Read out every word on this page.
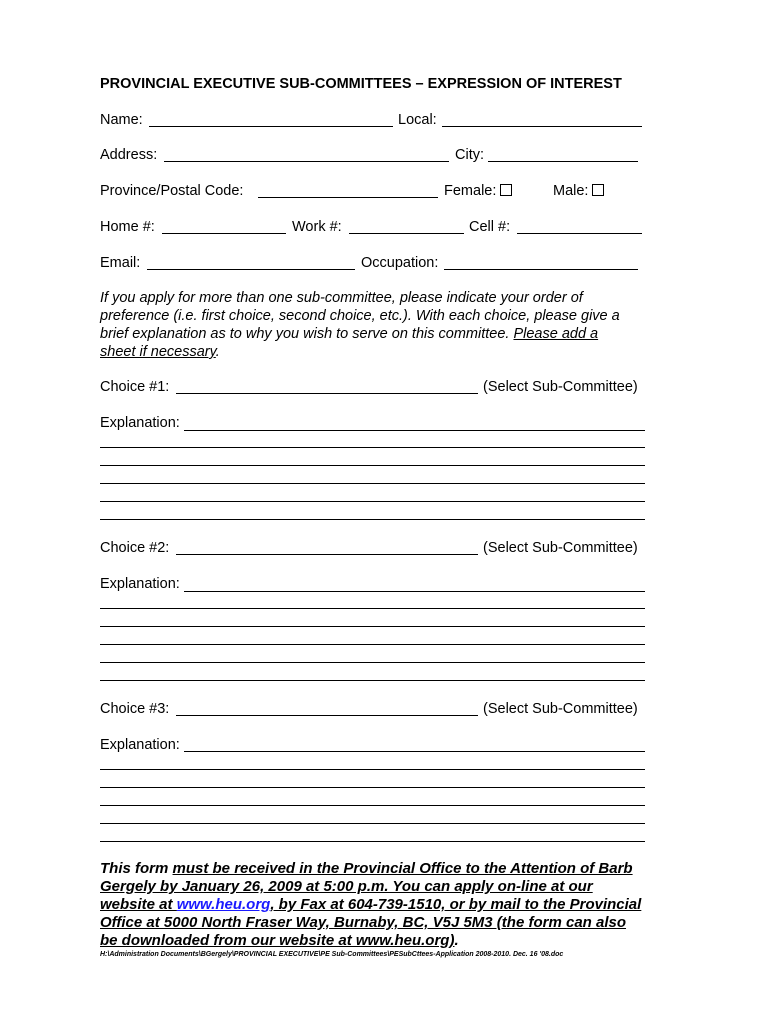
PROVINCIAL EXECUTIVE SUB-COMMITTEES – EXPRESSION OF INTEREST
Name:	Local:
Address:	City:
Province/Postal Code:	Female:	Male:
Home #:	Work #:	Cell #:
Email:	Occupation:
If you apply for more than one sub-committee, please indicate your order of
preference (i.e. first choice, second choice, etc.). With each choice, please give a
brief explanation as to why you wish to serve on this committee. Please add a
sheet if necessary.
Choice #1:	(Select Sub-Committee)
Explanation:
Choice #2:	(Select Sub-Committee)
Explanation:
Choice #3:	(Select Sub-Committee)
Explanation:
This form must be received in the Provincial Office to the Attention of Barb
Gergely by January 26, 2009 at 5:00 p.m. You can apply on-line at our
website at www.heu.org, by Fax at 604-739-1510, or by mail to the Provincial
Office at 5000 North Fraser Way, Burnaby, BC, V5J 5M3 (the form can also
be downloaded from our website at www.heu.org).
H:\Administration Documents\BGergely\PROVINCIAL EXECUTIVE\PE Sub-Committees\PESubCttees-Application 2008-2010. Dec. 16 '08.doc
